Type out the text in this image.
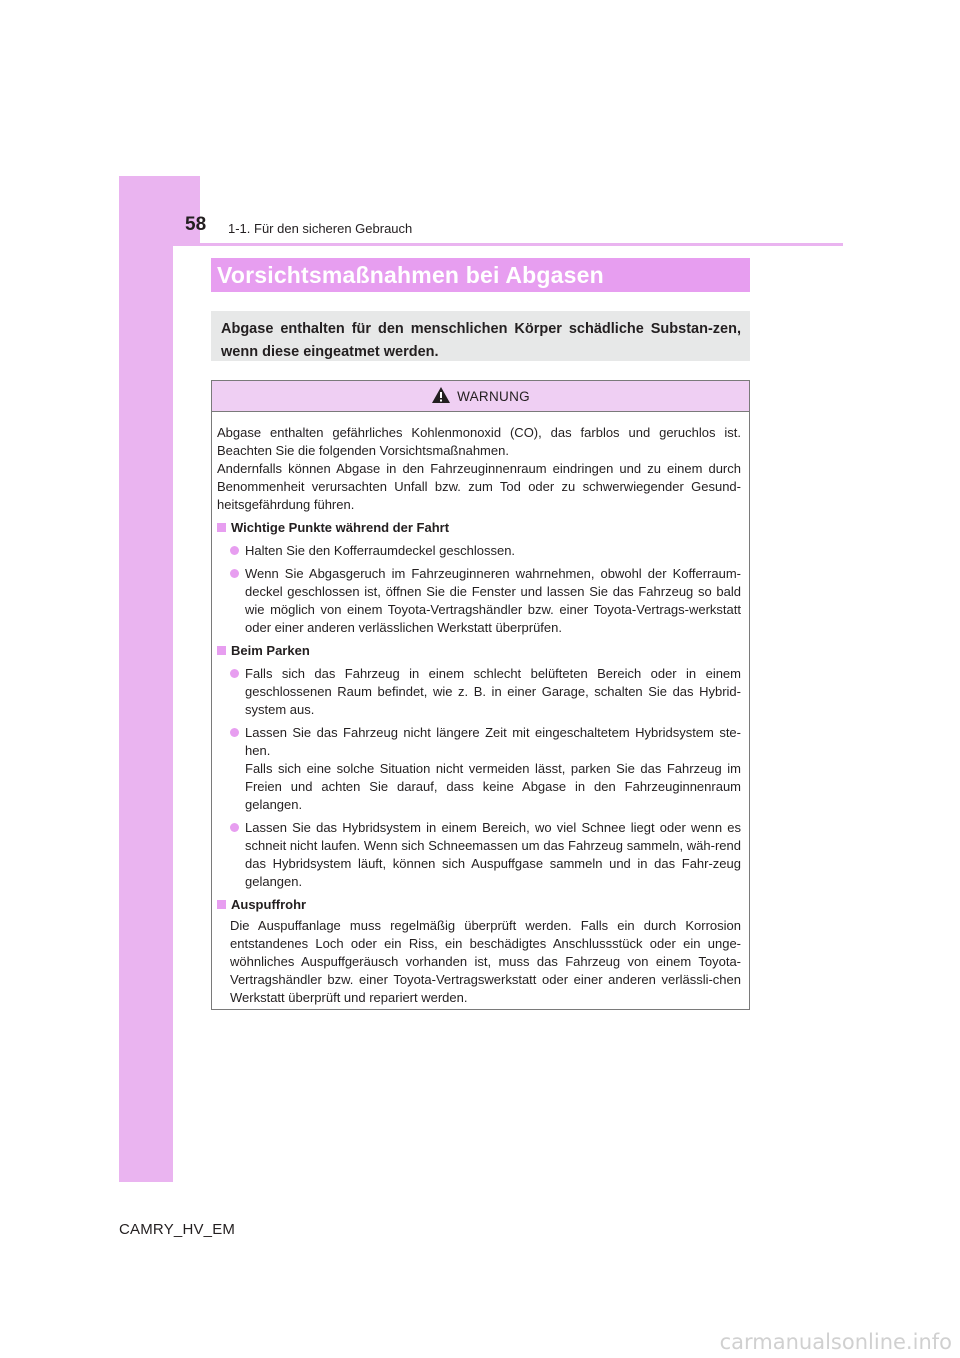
58 1-1. Für den sicheren Gebrauch
Vorsichtsmaßnahmen bei Abgasen
Abgase enthalten für den menschlichen Körper schädliche Substan-zen, wenn diese eingeatmet werden.
WARNUNG

Abgase enthalten gefährliches Kohlenmonoxid (CO), das farblos und geruchlos ist. Beachten Sie die folgenden Vorsichtsmaßnahmen.

Andernfalls können Abgase in den Fahrzeuginnenraum eindringen und zu einem durch Benommenheit verursachten Unfall bzw. zum Tod oder zu schwerwiegender Gesund-heitsgefährdung führen.

Wichtige Punkte während der Fahrt
Halten Sie den Kofferraumdeckel geschlossen.
Wenn Sie Abgasgeruch im Fahrzeuginneren wahrnehmen, obwohl der Kofferraum-deckel geschlossen ist, öffnen Sie die Fenster und lassen Sie das Fahrzeug so bald wie möglich von einem Toyota-Vertragshändler bzw. einer Toyota-Vertrags-werkstatt oder einer anderen verlässlichen Werkstatt überprüfen.
Beim Parken
Falls sich das Fahrzeug in einem schlecht belüfteten Bereich oder in einem geschlossenen Raum befindet, wie z. B. in einer Garage, schalten Sie das Hybrid-system aus.
Lassen Sie das Fahrzeug nicht längere Zeit mit eingeschaltetem Hybridsystem ste-hen.
Falls sich eine solche Situation nicht vermeiden lässt, parken Sie das Fahrzeug im Freien und achten Sie darauf, dass keine Abgase in den Fahrzeuginnenraum gelangen.
Lassen Sie das Hybridsystem in einem Bereich, wo viel Schnee liegt oder wenn es schneit nicht laufen. Wenn sich Schneemassen um das Fahrzeug sammeln, wäh-rend das Hybridsystem läuft, können sich Auspuffgase sammeln und in das Fahr-zeug gelangen.
Auspuffrohr
Die Auspuffanlage muss regelmäßig überprüft werden. Falls ein durch Korrosion entstandenes Loch oder ein Riss, ein beschädigtes Anschlussstück oder ein unge-wöhnliches Auspuffgeräusch vorhanden ist, muss das Fahrzeug von einem Toyota-Vertragshändler bzw. einer Toyota-Vertragswerkstatt oder einer anderen verlässli-chen Werkstatt überprüft und repariert werden.
CAMRY_HV_EM
carmanualsonline.info
